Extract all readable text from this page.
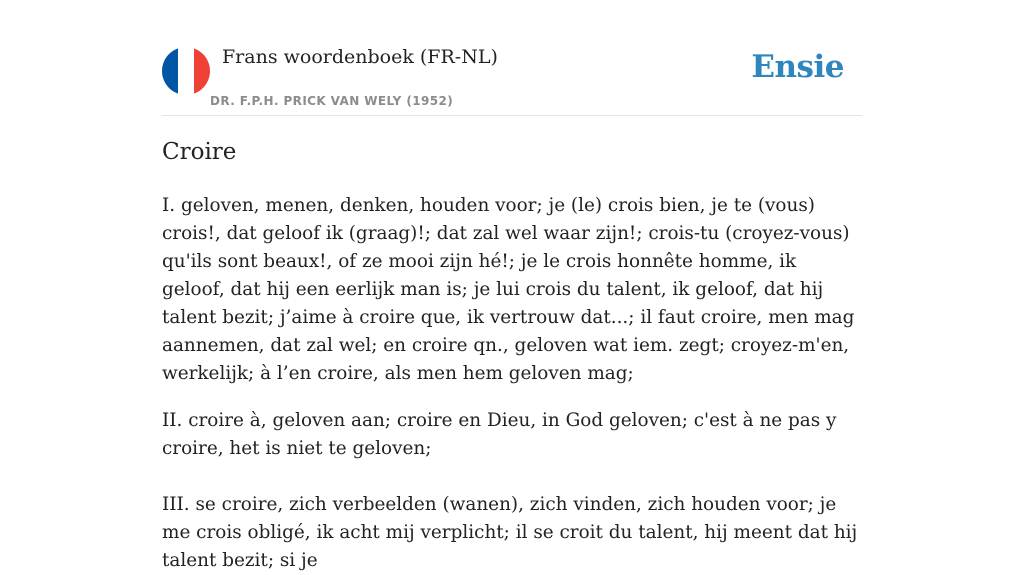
Frans woordenboek (FR-NL)
DR. F.P.H. PRICK VAN WELY (1952)
Ensie
Croire

I. geloven, menen, denken, houden voor; je (le) crois bien, je te (vous) crois!, dat geloof ik (graag)!; dat zal wel waar zijn!; crois-tu (croyez-vous) qu'ils sont beaux!, of ze mooi zijn hé!; je le crois honnête homme, ik geloof, dat hij een eerlijk man is; je lui crois du talent, ik geloof, dat hij talent bezit; j’aime à croire que, ik vertrouw dat...; il faut croire, men mag aannemen, dat zal wel; en croire qn., geloven wat iem. zegt; croyez-m'en, werkelijk; à l’en croire, als men hem geloven mag;

II. croire à, geloven aan; croire en Dieu, in God geloven; c'est à ne pas y croire, het is niet te geloven;

III. se croire, zich verbeelden (wanen), zich vinden, zich houden voor; je me crois obligé, ik acht mij verplicht; il se croit du talent, hij meent dat hij talent bezit; si je
